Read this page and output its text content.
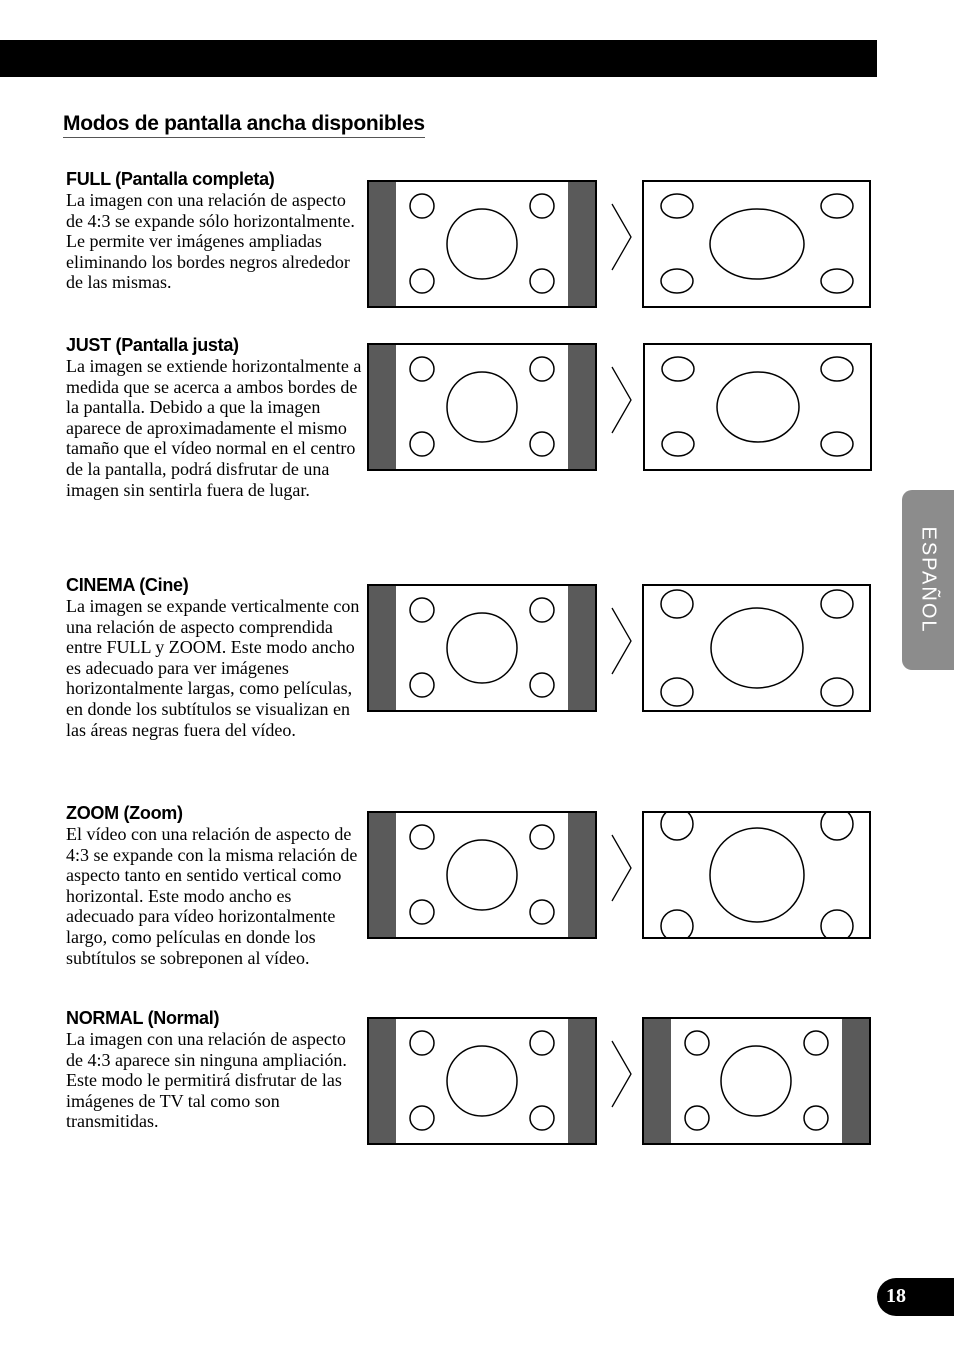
Modos de pantalla ancha disponibles
FULL (Pantalla completa)

La imagen con una relación de aspecto de 4:3 se expande sólo horizontalmente. Le permite ver imágenes ampliadas eliminando los bordes negros alrededor de las mismas.

JUST (Pantalla justa)

La imagen se extiende horizontalmente a medida que se acerca a ambos bordes de la pantalla. Debido a que la imagen aparece de aproximadamente el mismo tamaño que el vídeo normal en el centro de la pantalla, podrá disfrutar de una imagen sin sentirla fuera de lugar.

CINEMA (Cine)

La imagen se expande verticalmente con una relación de aspecto comprendida entre FULL y ZOOM. Este modo ancho es adecuado para ver imágenes horizontalmente largas, como películas, en donde los subtítulos se visualizan en las áreas negras fuera del vídeo.

ZOOM (Zoom)

El vídeo con una relación de aspecto de 4:3 se expande con la misma relación de aspecto tanto en sentido vertical como horizontal. Este modo ancho es adecuado para vídeo horizontalmente largo, como películas en donde los subtítulos se sobreponen al vídeo.

NORMAL (Normal)

La imagen con una relación de aspecto de 4:3 aparece sin ninguna ampliación. Este modo le permitirá disfrutar de las imágenes de TV tal como son transmitidas.

ESPAÑOL
18
